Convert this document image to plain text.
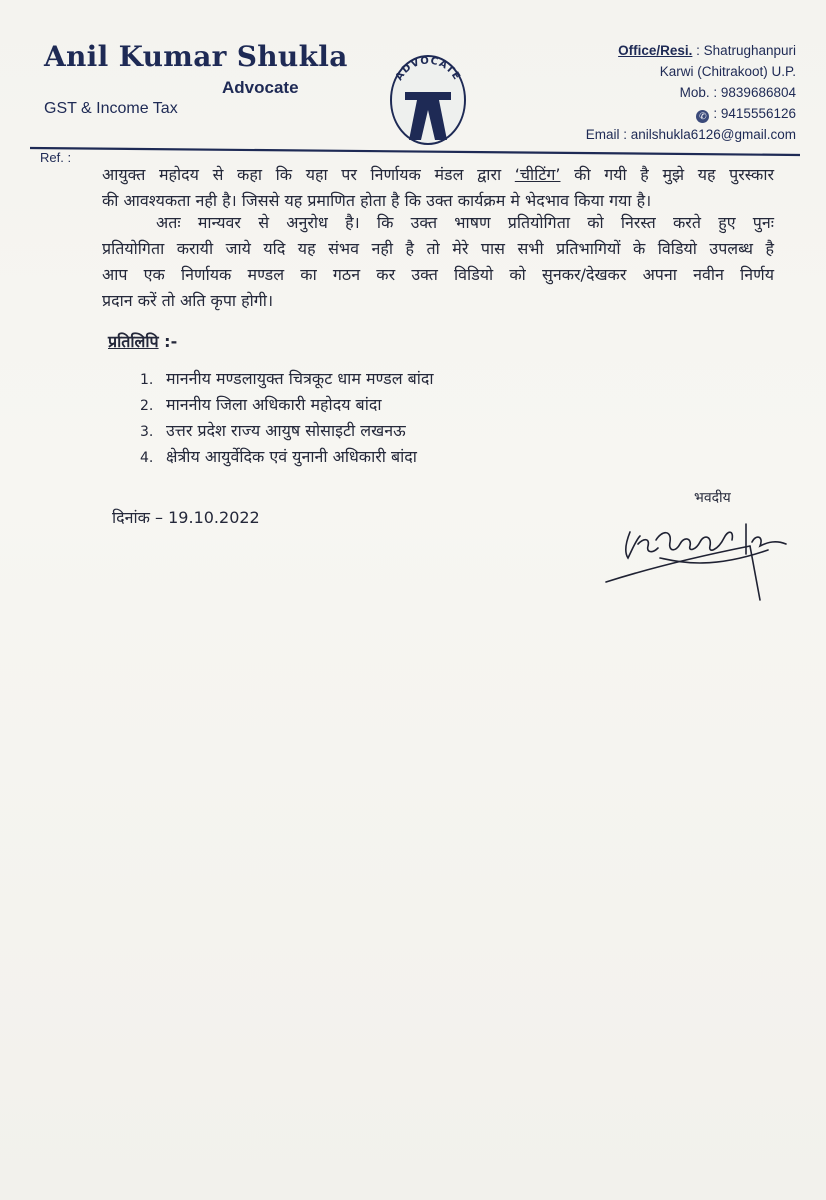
Anil Kumar Shukla
Advocate
GST & Income Tax
ADVOCATE
Office/Resi. : Shatrughanpuri
Karwi (Chitrakoot) U.P.
Mob. : 9839686804
✆ : 9415556126
Email : anilshukla6126@gmail.com
Ref. :
आयुक्त महोदय से कहा कि यहा पर निर्णायक मंडल द्वारा ‘चीटिंग’ की गयी है मुझे यह पुरस्कार
की आवश्यकता नही है। जिससे यह प्रमाणित होता है कि उक्त कार्यक्रम मे भेदभाव किया गया है।
अतः मान्यवर से अनुरोध है। कि उक्त भाषण प्रतियोगिता को निरस्त करते हुए पुनः
प्रतियोगिता करायी जाये यदि यह संभव नही है तो मेरे पास सभी प्रतिभागियों के विडियो उपलब्ध है
आप एक निर्णायक मण्डल का गठन कर उक्त विडियो को सुनकर/देखकर अपना नवीन निर्णय
प्रदान करें तो अति कृपा होगी।
प्रतिलिपि :-
1. माननीय मण्डलायुक्त चित्रकूट धाम मण्डल बांदा
2. माननीय जिला अधिकारी महोदय बांदा
3. उत्तर प्रदेश राज्य आयुष सोसाइटी लखनऊ
4. क्षेत्रीय आयुर्वेदिक एवं युनानी अधिकारी बांदा
भवदीय
दिनांक – 19.10.2022
